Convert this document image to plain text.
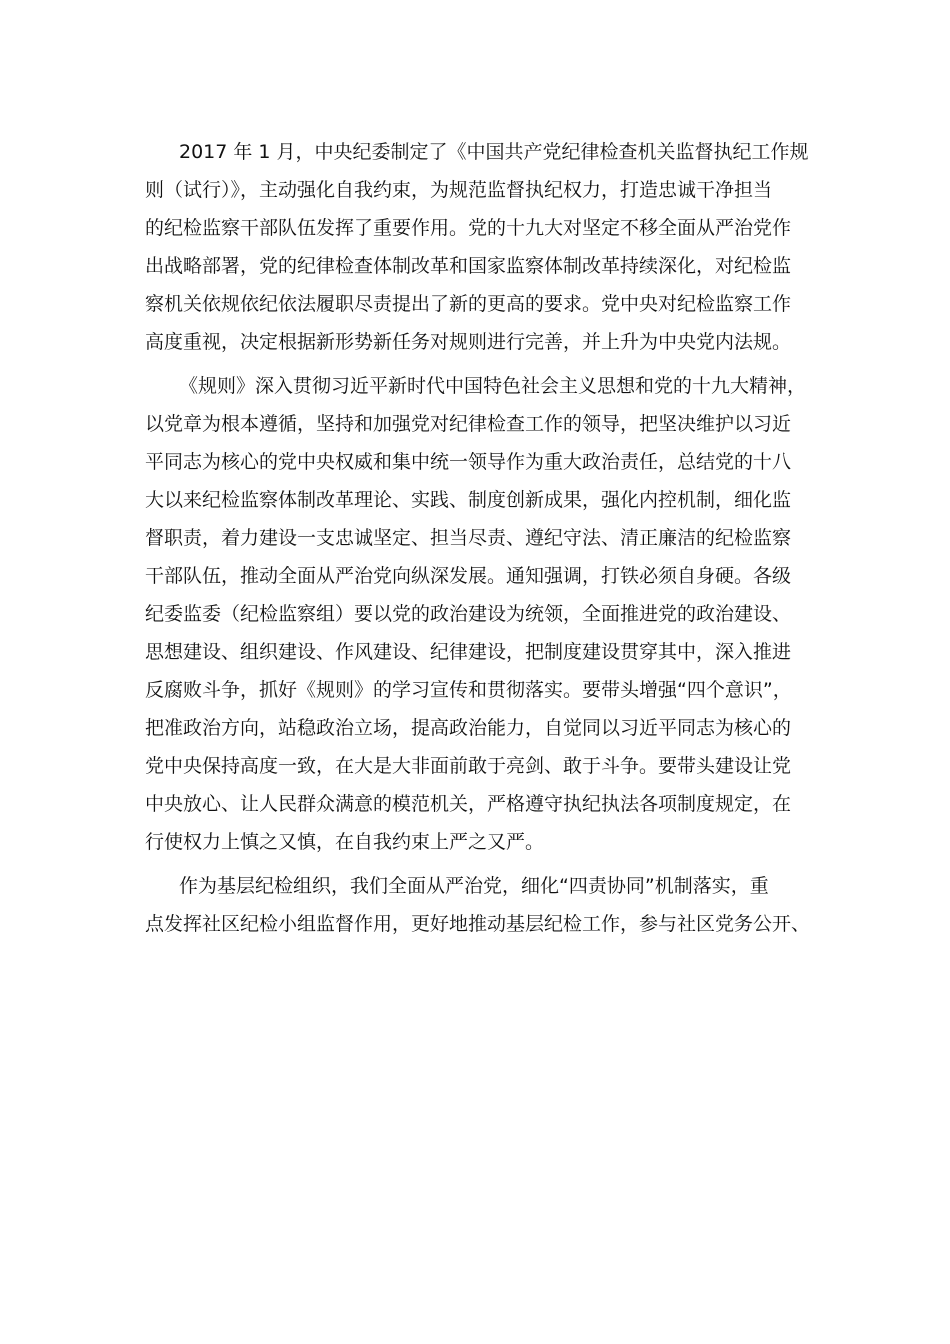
2017 年 1 月，中央纪委制定了《中国共产党纪律检查机关监督执纪工作规
则（试行）》，主动强化自我约束，为规范监督执纪权力，打造忠诚干净担当
的纪检监察干部队伍发挥了重要作用。党的十九大对坚定不移全面从严治党作
出战略部署，党的纪律检查体制改革和国家监察体制改革持续深化，对纪检监
察机关依规依纪依法履职尽责提出了新的更高的要求。党中央对纪检监察工作
高度重视，决定根据新形势新任务对规则进行完善，并上升为中央党内法规。
《规则》深入贯彻习近平新时代中国特色社会主义思想和党的十九大精神，
以党章为根本遵循，坚持和加强党对纪律检查工作的领导，把坚决维护以习近
平同志为核心的党中央权威和集中统一领导作为重大政治责任，总结党的十八
大以来纪检监察体制改革理论、实践、制度创新成果，强化内控机制，细化监
督职责，着力建设一支忠诚坚定、担当尽责、遵纪守法、清正廉洁的纪检监察
干部队伍，推动全面从严治党向纵深发展。通知强调，打铁必须自身硬。各级
纪委监委（纪检监察组）要以党的政治建设为统领，全面推进党的政治建设、
思想建设、组织建设、作风建设、纪律建设，把制度建设贯穿其中，深入推进
反腐败斗争，抓好《规则》的学习宣传和贯彻落实。要带头增强“四个意识”，
把准政治方向，站稳政治立场，提高政治能力，自觉同以习近平同志为核心的
党中央保持高度一致，在大是大非面前敢于亮剑、敢于斗争。要带头建设让党
中央放心、让人民群众满意的模范机关，严格遵守执纪执法各项制度规定，在
行使权力上慎之又慎，在自我约束上严之又严。
作为基层纪检组织，我们全面从严治党，细化“四责协同”机制落实，重
点发挥社区纪检小组监督作用，更好地推动基层纪检工作，参与社区党务公开、
